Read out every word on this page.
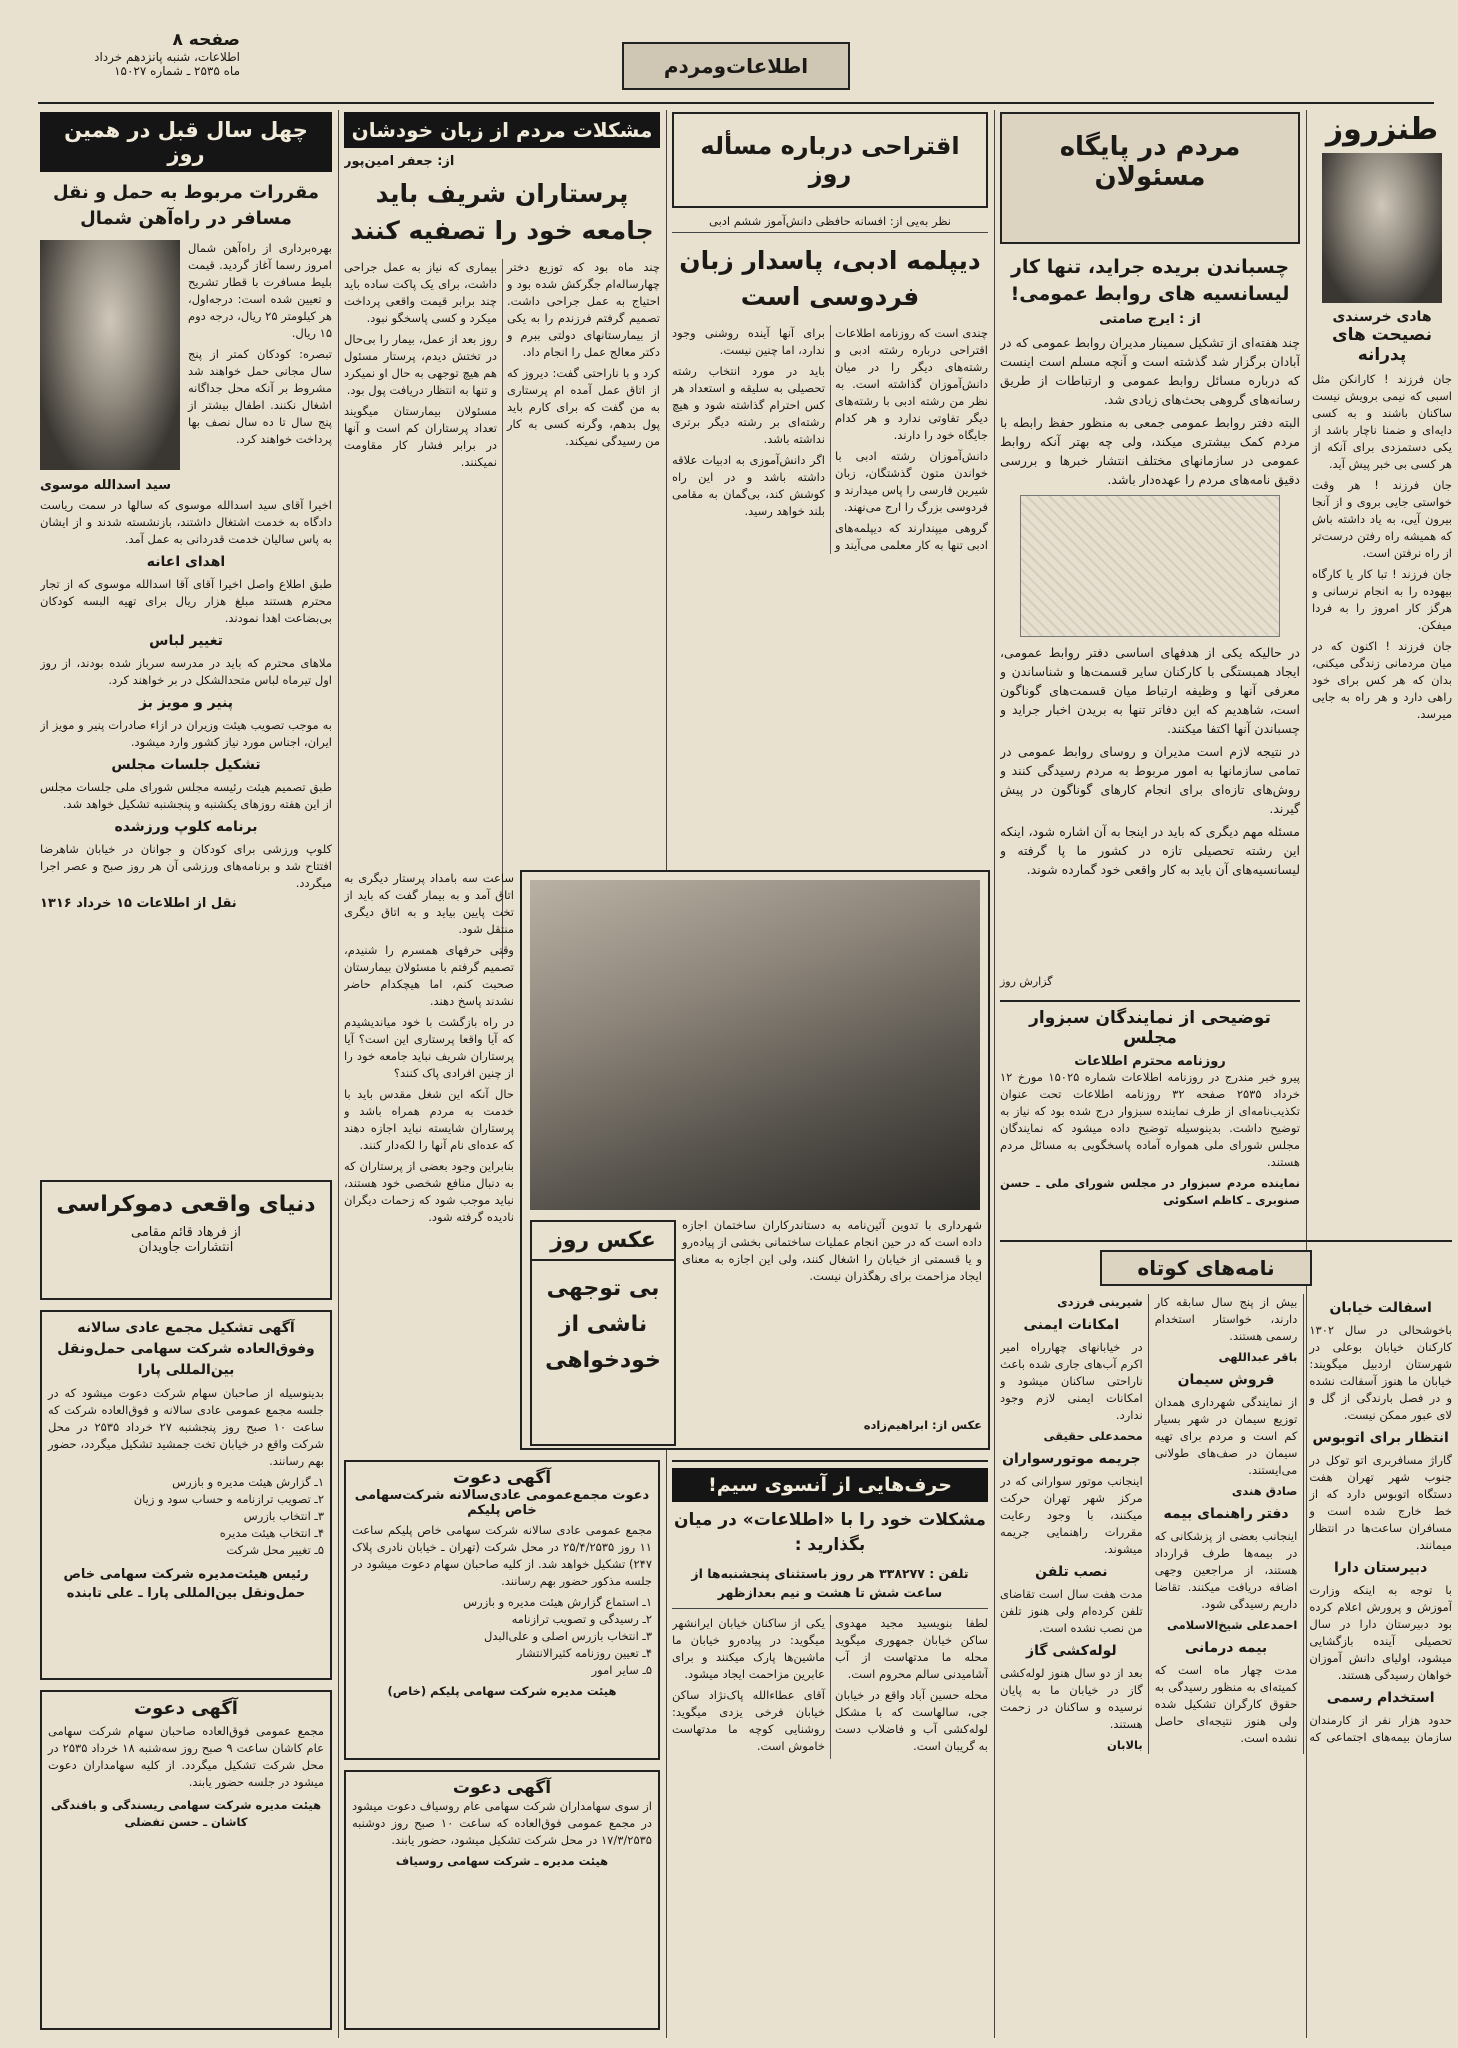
صفحه ۸
اطلاعات، شنبه پانزدهم خرداد
ماه ۲۵۳۵ ـ شماره ۱۵۰۲۷	اطلاعات‌ومردم
طنزروز
هادی خرسندی
نصیحت های پدرانه

جان فرزند ! کارانکن مثل اسبی که نیمی برویش نیست ساکنان باشند و به کسی دایه‌ای و ضمنا ناچار باشد از یکی دستمزدی برای آنکه از هر کسی بی خبر پیش آید.

جان فرزند ! هر وقت خواستی جایی بروی و از آنجا بیرون آیی، به یاد داشته باش که همیشه راه رفتن درست‌تر از راه نرفتن است.

جان فرزند ! تبا کار یا کارگاه بیهوده را به انجام نرسانی و هرگز کار امروز را به فردا میفکن.

جان فرزند ! اکنون که در میان مردمانی زندگی میکنی، بدان که هر کس برای خود راهی دارد و هر راه به جایی میرسد.

مردم در پایگاه
مسئولان
چسباندن بریده جراید، تنها کار لیسانسیه های روابط عمومی!
از : ایرج صامتی

چند هفته‌ای از تشکیل سمینار مدیران روابط عمومی که در آبادان برگزار شد گذشته است و آنچه مسلم است اینست که درباره مسائل روابط عمومی و ارتباطات از طریق رسانه‌های گروهی بحث‌های زیادی شد.

البته دفتر روابط عمومی جمعی به منظور حفظ رابطه با مردم کمک بیشتری میکند، ولی چه بهتر آنکه روابط عمومی در سازمانهای مختلف انتشار خبرها و بررسی دقیق نامه‌های مردم را عهده‌دار باشد.

در حالیکه یکی از هدفهای اساسی دفتر روابط عمومی، ایجاد همبستگی با کارکنان سایر قسمت‌ها و شناساندن و معرفی آنها و وظیفه ارتباط میان قسمت‌های گوناگون است، شاهدیم که این دفاتر تنها به بریدن اخبار جراید و چسباندن آنها اکتفا میکنند.

در نتیجه لازم است مدیران و روسای روابط عمومی در تمامی سازمانها به امور مربوط به مردم رسیدگی کنند و روش‌های تازه‌ای برای انجام کارهای گوناگون در پیش گیرند.

مسئله مهم دیگری که باید در اینجا به آن اشاره شود، اینکه این رشته تحصیلی تازه در کشور ما پا گرفته و لیسانسیه‌های آن باید به کار واقعی خود گمارده شوند.

توضیحی از نمایندگان سبزوار مجلس
روزنامه محترم اطلاعات

پیرو خبر مندرج در روزنامه اطلاعات شماره ۱۵۰۲۵ مورخ ۱۲ خرداد ۲۵۳۵ صفحه ۳۲ روزنامه اطلاعات تحت عنوان تکذیب‌نامه‌ای از طرف نماینده سبزوار درج شده بود که نیاز به توضیح داشت. بدینوسیله توضیح داده میشود که نمایندگان مجلس شورای ملی همواره آماده پاسخگویی به مسائل مردم هستند.

نماینده مردم سبزوار در مجلس شورای ملی ـ حسن صنوبری ـ کاظم اسکوئی

نامه‌های کوتاه
اسفالت خیابان

باخوشحالی در سال ۱۳۰۲ کارکنان خیابان بوعلی در شهرستان اردبیل میگویند: خیابان ما هنوز آسفالت نشده و در فصل بارندگی از گل و لای عبور ممکن نیست.

انتظار برای اتوبوس

گاراژ مسافربری اتو توکل در جنوب شهر تهران هفت دستگاه اتوبوس دارد که از خط خارج شده است و مسافران ساعت‌ها در انتظار میمانند.

دبیرستان دارا

با توجه به اینکه وزارت آموزش و پرورش اعلام کرده بود دبیرستان دارا در سال تحصیلی آینده بازگشایی میشود، اولیای دانش آموزان خواهان رسیدگی هستند.

استخدام رسمی

حدود هزار نفر از کارمندان سازمان بیمه‌های اجتماعی که بیش از پنج سال سابقه کار دارند، خواستار استخدام رسمی هستند.

باقر عبداللهی

فروش سیمان

از نمایندگی شهرداری همدان توزیع سیمان در شهر بسیار کم است و مردم برای تهیه سیمان در صف‌های طولانی می‌ایستند.

صادق هندی

دفتر راهنمای بیمه

اینجانب بعضی از پزشکانی که در بیمه‌ها طرف قرارداد هستند، از مراجعین وجهی اضافه دریافت میکنند. تقاضا داریم رسیدگی شود.

احمدعلی شیخ‌الاسلامی

بیمه درمانی

مدت چهار ماه است که کمیته‌ای به منظور رسیدگی به حقوق کارگران تشکیل شده ولی هنوز نتیجه‌ای حاصل نشده است.

شیرینی فرزدی

امکانات ایمنی

در خیابانهای چهارراه امیر اکرم آب‌های جاری شده باعث ناراحتی ساکنان میشود و امکانات ایمنی لازم وجود ندارد.

محمدعلی حقیقی

جریمه موتورسواران

اینجانب موتور سوارانی که در مرکز شهر تهران حرکت میکنند، با وجود رعایت مقررات راهنمایی جریمه میشوند.

نصب تلفن

مدت هفت سال است تقاضای تلفن کرده‌ام ولی هنوز تلفن من نصب نشده است.

لوله‌کشی گاز

بعد از دو سال هنوز لوله‌کشی گاز در خیابان ما به پایان نرسیده و ساکنان در زحمت هستند.

بالابان

اقتراحی درباره مسأله روز
نظر به‌یی از: افسانه حافظی دانش‌آموز ششم ادبی
دیپلمه ادبی، پاسدار زبان فردوسی است

چندی است که روزنامه اطلاعات اقتراحی درباره رشته ادبی و رشته‌های دیگر را در میان دانش‌آموزان گذاشته است. به نظر من رشته ادبی با رشته‌های دیگر تفاوتی ندارد و هر کدام جایگاه خود را دارند.

دانش‌آموزان رشته ادبی با خواندن متون گذشتگان، زبان شیرین فارسی را پاس میدارند و فردوسی بزرگ را ارج می‌نهند.

گروهی میپندارند که دیپلمه‌های ادبی تنها به کار معلمی می‌آیند و برای آنها آینده روشنی وجود ندارد، اما چنین نیست.

باید در مورد انتخاب رشته تحصیلی به سلیقه و استعداد هر کس احترام گذاشته شود و هیچ رشته‌ای بر رشته دیگر برتری نداشته باشد.

اگر دانش‌آموزی به ادبیات علاقه داشته باشد و در این راه کوشش کند، بی‌گمان به مقامی بلند خواهد رسید.

مشکلات مردم از زبان خودشان
از: جعفر امین‌پور
پرستاران شریف باید جامعه خود را تصفیه کنند

چند ماه بود که توزیع دختر چهارساله‌ام جگرکش شده بود و احتیاج به عمل جراحی داشت. تصمیم گرفتم فرزندم را به یکی از بیمارستانهای دولتی ببرم و دکتر معالج عمل را انجام داد.

کرد و با ناراحتی گفت: دیروز که از اتاق عمل آمده ام پرستاری به من گفت که برای کارم باید پول بدهم، وگرنه کسی به کار من رسیدگی نمیکند.

بیماری که نیاز به عمل جراحی داشت، برای یک پاکت ساده باید چند برابر قیمت واقعی پرداخت میکرد و کسی پاسخگو نبود.

روز بعد از عمل، بیمار را بی‌حال در تختش دیدم، پرستار مسئول هم هیچ توجهی به حال او نمیکرد و تنها به انتظار دریافت پول بود.

مسئولان بیمارستان میگویند تعداد پرستاران کم است و آنها در برابر فشار کار مقاومت نمیکنند.

ساعت سه بامداد پرستار دیگری به اتاق آمد و به بیمار گفت که باید از تخت پایین بیاید و به اتاق دیگری منتقل شود.

وقتی حرفهای همسرم را شنیدم، تصمیم گرفتم با مسئولان بیمارستان صحبت کنم، اما هیچکدام حاضر نشدند پاسخ دهند.

در راه بازگشت با خود میاندیشیدم که آیا واقعا پرستاری این است؟ آیا پرستاران شریف نباید جامعه خود را از چنین افرادی پاک کنند؟

حال آنکه این شغل مقدس باید با خدمت به مردم همراه باشد و پرستاران شایسته نباید اجازه دهند که عده‌ای نام آنها را لکه‌دار کنند.

بنابراین وجود بعضی از پرستاران که به دنبال منافع شخصی خود هستند، نباید موجب شود که زحمات دیگران نادیده گرفته شود.

شهرداری با تدوین آئین‌نامه به دستاندرکاران ساختمان اجازه داده است که در حین انجام عملیات ساختمانی بخشی از پیاده‌رو و یا قسمتی از خیابان را اشغال کنند، ولی این اجازه به معنای ایجاد مزاحمت برای رهگذران نیست.

عکس از: ابراهیم‌زاده

عکس روز
بی توجهی ناشی از خودخواهی
حرف‌هایی از آنسوی سیم!
مشکلات خود را با «اطلاعات» در میان بگذارید :
تلفن : ۳۳۸۲۷۷ هر روز باستثنای پنجشنبه‌ها از ساعت شش تا هشت و نیم بعدازظهر

لطفا بنویسید مجید مهدوی ساکن خیابان جمهوری میگوید محله ما مدتهاست از آب آشامیدنی سالم محروم است.

محله حسین آباد واقع در خیابان جی، سالهاست که با مشکل لوله‌کشی آب و فاضلاب دست به گریبان است.

یکی از ساکنان خیابان ایرانشهر میگوید: در پیاده‌رو خیابان ما ماشین‌ها پارک میکنند و برای عابرین مزاحمت ایجاد میشود.

آقای عطاءالله پاک‌نژاد ساکن خیابان فرخی یزدی میگوید: روشنایی کوچه ما مدتهاست خاموش است.

آگهی دعوت
دعوت مجمع‌عمومی عادی‌سالانه شرکت‌سهامی خاص پلیکم

مجمع عمومی عادی سالانه شرکت سهامی خاص پلیکم ساعت ۱۱ روز ۲۵/۴/۲۵۳۵ در محل شرکت (تهران ـ خیابان نادری پلاک ۲۴۷) تشکیل خواهد شد. از کلیه صاحبان سهام دعوت میشود در جلسه مذکور حضور بهم رسانند.

۱ـ استماع گزارش هیئت مدیره و بازرس
۲ـ رسیدگی و تصویب ترازنامه
۳ـ انتخاب بازرس اصلی و علی‌البدل
۴ـ تعیین روزنامه کثیرالانتشار
۵ـ سایر امور
هیئت مدیره شرکت سهامی پلیکم (خاص)
آگهی دعوت

از سوی سهامداران شرکت سهامی عام روسیاف دعوت میشود در مجمع عمومی فوق‌العاده که ساعت ۱۰ صبح روز دوشنبه ۱۷/۳/۲۵۳۵ در محل شرکت تشکیل میشود، حضور یابند.

هیئت مدیره ـ شرکت سهامی روسیاف
چهل سال قبل در همین روز
مقررات مربوط به حمل و نقل مسافر در راه‌آهن شمال

بهره‌برداری از راه‌آهن شمال امروز رسما آغاز گردید. قیمت بلیط مسافرت با قطار تشریح و تعیین شده است: درجه‌اول، هر کیلومتر ۲۵ ریال، درجه دوم ۱۵ ریال.

تبصره: کودکان کمتر از پنج سال مجانی حمل خواهند شد مشروط بر آنکه محل جداگانه اشغال نکنند. اطفال بیشتر از پنج سال تا ده سال نصف بها پرداخت خواهند کرد.

سید اسدالله موسوی

اخیرا آقای سید اسدالله موسوی که سالها در سمت ریاست دادگاه به خدمت اشتغال داشتند، بازنشسته شدند و از ایشان به پاس سالیان خدمت قدردانی به عمل آمد.

اهدای اعانه

طبق اطلاع واصل اخیرا آقای آقا اسدالله موسوی که از تجار محترم هستند مبلغ هزار ریال برای تهیه البسه کودکان بی‌بضاعت اهدا نمودند.

تغییر لباس

ملاهای محترم که باید در مدرسه سرباز شده بودند، از روز اول تیرماه لباس متحدالشکل در بر خواهند کرد.

پنیر و مویز بز

به موجب تصویب هیئت وزیران در ازاء صادرات پنیر و مویز از ایران، اجناس مورد نیاز کشور وارد میشود.

تشکیل جلسات مجلس

طبق تصمیم هیئت رئیسه مجلس شورای ملی جلسات مجلس از این هفته روزهای یکشنبه و پنجشنبه تشکیل خواهد شد.

برنامه کلوپ ورزشده

کلوپ ورزشی برای کودکان و جوانان در خیابان شاهرضا افتتاح شد و برنامه‌های ورزشی آن هر روز صبح و عصر اجرا میگردد.

نقل از اطلاعات ۱۵ خرداد ۱۳۱۶
دنیای واقعی دموکراسی
از فرهاد قائم مقامی
انتشارات جاویدان
آگهی تشکیل مجمع عادی سالانه وفوق‌العاده شرکت سهامی حمل‌ونقل بین‌المللی پارا

بدینوسیله از صاحبان سهام شرکت دعوت میشود که در جلسه مجمع عمومی عادی سالانه و فوق‌العاده شرکت که ساعت ۱۰ صبح روز پنجشنبه ۲۷ خرداد ۲۵۳۵ در محل شرکت واقع در خیابان تخت جمشید تشکیل میگردد، حضور بهم رسانند.

۱ـ گزارش هیئت مدیره و بازرس
۲ـ تصویب ترازنامه و حساب سود و زیان
۳ـ انتخاب بازرس
۴ـ انتخاب هیئت مدیره
۵ـ تغییر محل شرکت
رئیس هیئت‌مدیره شرکت سهامی خاص حمل‌ونقل بین‌المللی پارا ـ علی تابنده
آگهی دعوت

مجمع عمومی فوق‌العاده صاحبان سهام شرکت سهامی عام کاشان ساعت ۹ صبح روز سه‌شنبه ۱۸ خرداد ۲۵۳۵ در محل شرکت تشکیل میگردد. از کلیه سهامداران دعوت میشود در جلسه حضور یابند.

هیئت مدیره شرکت سهامی ریسندگی و بافندگی کاشان ـ حسن تفضلی
گزارش روز
